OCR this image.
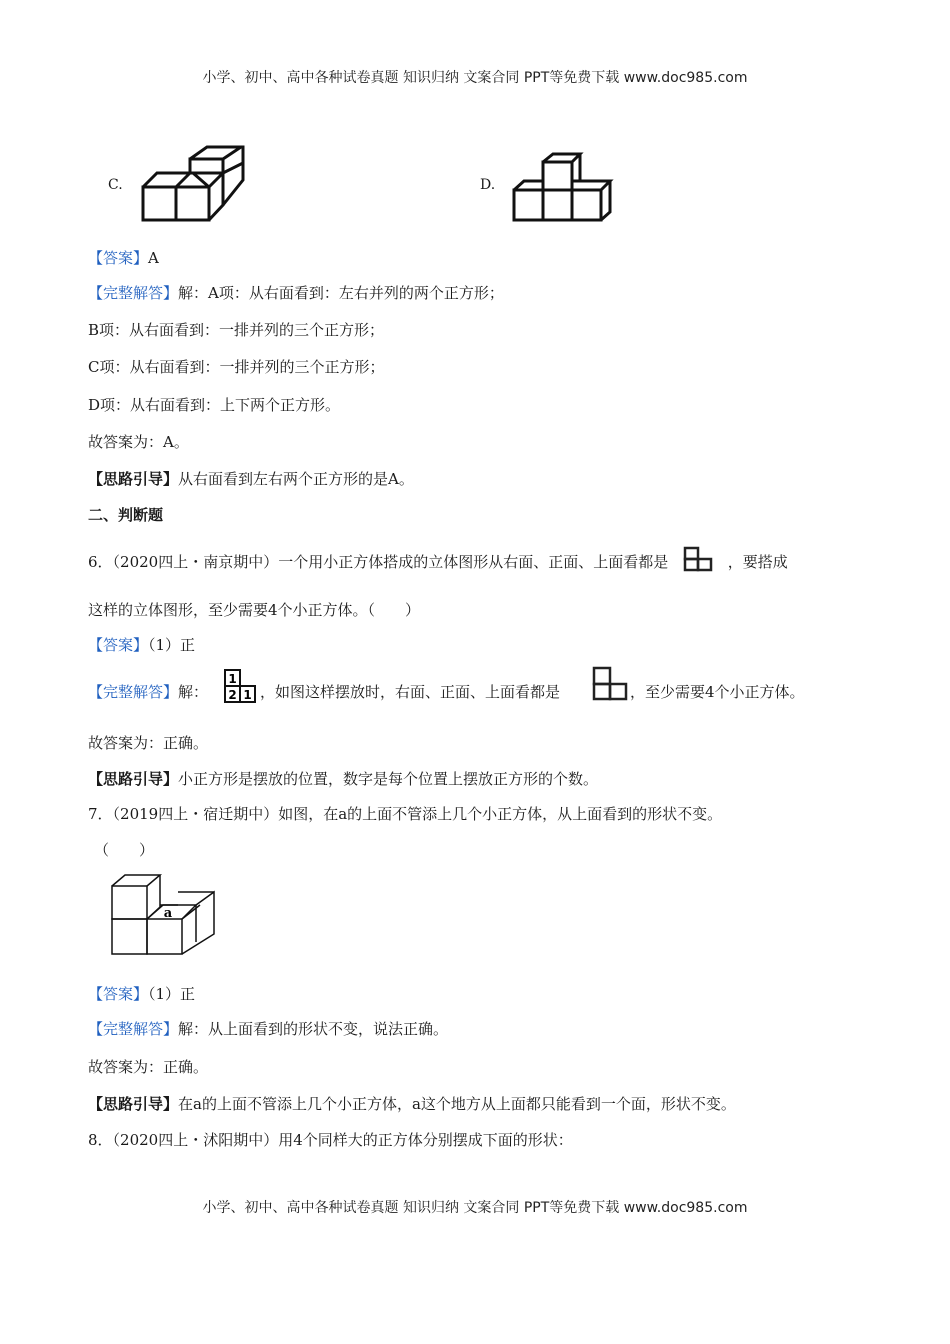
小学、初中、高中各种试卷真题 知识归纳 文案合同 PPT等免费下载 www.doc985.com
C.	D.
【答案】A
【完整解答】解：A项：从右面看到：左右并列的两个正方形；
B项：从右面看到：一排并列的三个正方形；
C项：从右面看到：一排并列的三个正方形；
D项：从右面看到：上下两个正方形。
故答案为：A。
【思路引导】从右面看到左右两个正方形的是A。
二、判断题
6．（2020四上・南京期中）一个用小正方体搭成的立体图形从右面、正面、上面看都是	，要搭成
这样的立体图形，至少需要4个小正方体。（　　）
【答案】（1）正
【完整解答】解：
1
2 1 ，如图这样摆放时，右面、正面、上面看都是	，至少需要4个小正方体。
故答案为：正确。
【思路引导】小正方形是摆放的位置，数字是每个位置上摆放正方形的个数。
7．（2019四上・宿迁期中）如图，在a的上面不管添上几个小正方体，从上面看到的形状不变。
（　　）
a
【答案】（1）正
【完整解答】解：从上面看到的形状不变，说法正确。
故答案为：正确。
【思路引导】在a的上面不管添上几个小正方体，a这个地方从上面都只能看到一个面，形状不变。
8．（2020四上・沭阳期中）用4个同样大的正方体分别摆成下面的形状：
小学、初中、高中各种试卷真题 知识归纳 文案合同 PPT等免费下载 www.doc985.com
